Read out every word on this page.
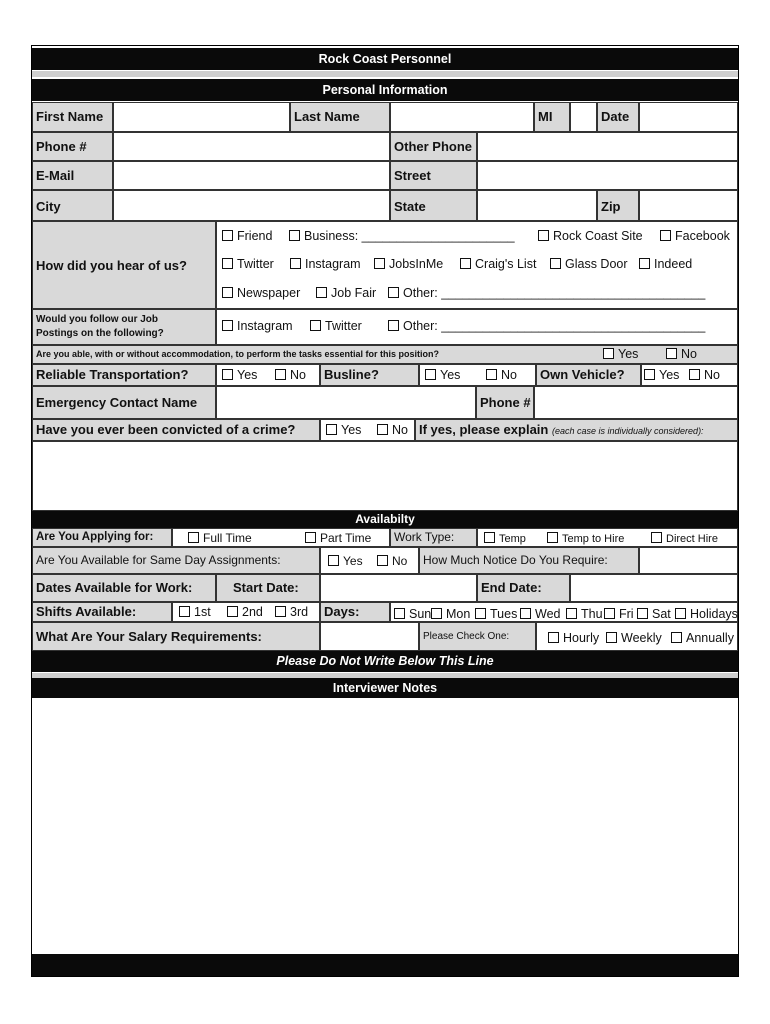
Rock Coast Personnel
Personal Information
First Name	Last Name	MI	Date
Phone #	Other Phone
E-Mail	Street
City	State	Zip
How did you hear of us?
Friend	Business: ______________________	Rock Coast Site	Facebook
Twitter	Instagram	JobsInMe	Craig's List	Glass Door	Indeed
Newspaper	Job Fair	Other: ______________________________________
Would you follow our Job
Postings on the following?
Instagram	Twitter	Other: ______________________________________
Are you able, with or without accommodation, to perform the tasks essential for this position?	Yes	No
Reliable Transportation?	Yes	No	Busline?	Yes	No	Own Vehicle?	Yes	No
Emergency Contact Name	Phone #
Have you ever been convicted of a crime?	Yes	No If yes, please explain (each case is individually considered):
Availabilty
Are You Applying for:	Full Time	Part Time	Work Type:	Temp	Temp to Hire	Direct Hire
Are You Available for Same Day Assignments:	Yes	No	How Much Notice Do You Require:
Dates Available for Work:	Start Date:	End Date:
Shifts Available:	1st	2nd	3rd	Days:	Sun	Mon	Tues	Wed	Thu	Fri	Sat	Holidays
What Are Your Salary Requirements:	Please Check One:	Hourly	Weekly	Annually
Please Do Not Write Below This Line
Interviewer Notes
